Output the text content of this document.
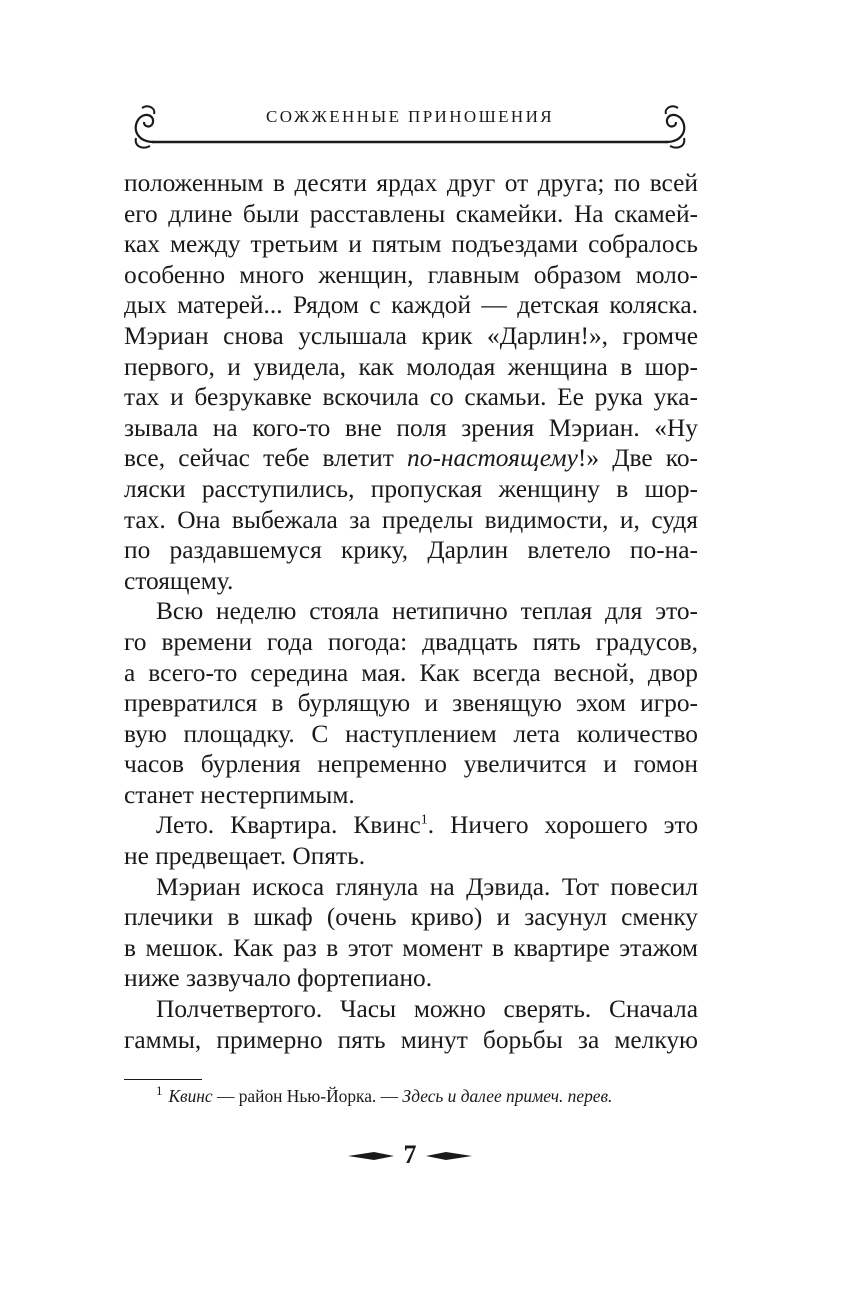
СОЖЖЕННЫЕ ПРИНОШЕНИЯ
положенным в десяти ярдах друг от друга; по всей
его длине были расставлены скамейки. На скамей-
ках между третьим и пятым подъездами собралось
особенно много женщин, главным образом моло-
дых матерей... Рядом с каждой — детская коляска.
Мэриан снова услышала крик «Дарлин!», громче
первого, и увидела, как молодая женщина в шор-
тах и безрукавке вскочила со скамьи. Ее рука ука-
зывала на кого-то вне поля зрения Мэриан. «Ну
все, сейчас тебе влетит по-настоящему!» Две ко-
ляски расступились, пропуская женщину в шор-
тах. Она выбежала за пределы видимости, и, судя
по раздавшемуся крику, Дарлин влетело по-на-
стоящему.
Всю неделю стояла нетипично теплая для это-
го времени года погода: двадцать пять градусов,
а всего-то середина мая. Как всегда весной, двор
превратился в бурлящую и звенящую эхом игро-
вую площадку. С наступлением лета количество
часов бурления непременно увеличится и гомон
станет нестерпимым.
Лето. Квартира. Квинс$^1$. Ничего хорошего это
не предвещает. Опять.
Мэриан искоса глянула на Дэвида. Тот повесил
плечики в шкаф (очень криво) и засунул сменку
в мешок. Как раз в этот момент в квартире этажом
ниже зазвучало фортепиано.
Полчетвертого. Часы можно сверять. Сначала
гаммы, примерно пять минут борьбы за мелкую
$^1$ Квинс — район Нью-Йорка. — Здесь и далее примеч. перев.
7
